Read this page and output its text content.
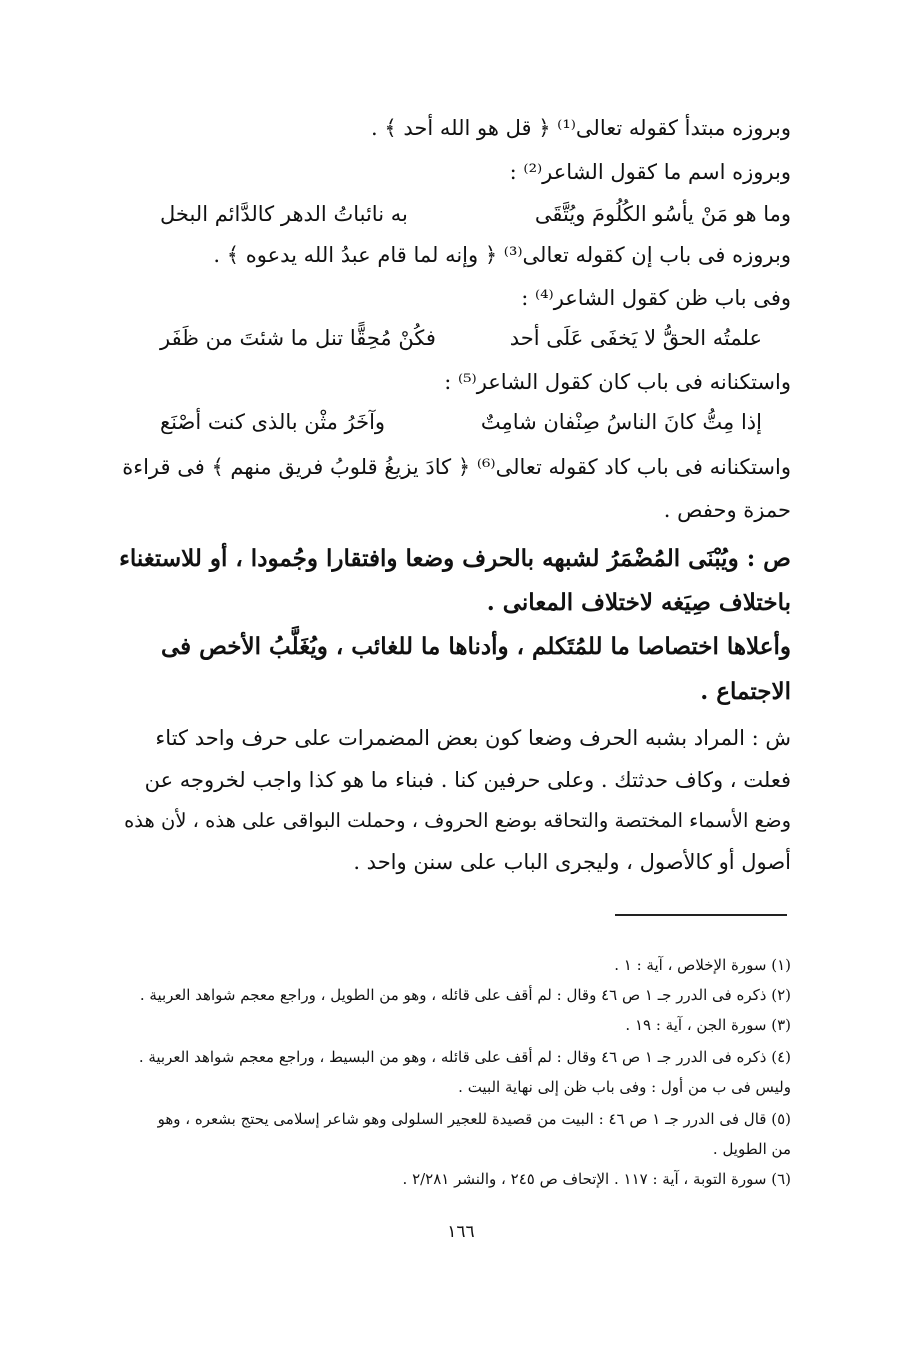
وبروزه مبتدأ كقوله تعالى⁽¹⁾ ﴿ قل هو الله أحد ﴾ .
وبروزه اسم ما كقول الشاعر⁽²⁾ :
وما هو مَنْ يأسُو الكُلُومَ ويُتَّقَى
به نائباتُ الدهر كالدَّائم البخل
وبروزه فى باب إن كقوله تعالى⁽³⁾ ﴿ وإنه لما قام عبدُ الله يدعوه ﴾ .
وفى باب ظن كقول الشاعر⁽⁴⁾ :
علمتُه الحقُّ لا يَخفَى عَلَى أحد
فكُنْ مُحِقًّا تنل ما شئتَ من ظَفَر
واستكنانه فى باب كان كقول الشاعر⁽⁵⁾ :
إذا مِتُّ كانَ الناسُ صِنْفان شامِتٌ
وآخَرُ مثْن بالذى كنت أصْنَع
واستكنانه فى باب كاد كقوله تعالى⁽⁶⁾ ﴿ كادَ يزيغُ قلوبُ فريق منهم ﴾ فى قراءة
حمزة وحفص .
ص : ويُبْنَى المُضْمَرُ لشبهه بالحرف وضعا وافتقارا وجُمودا ، أو للاستغناء
باختلاف صِيَغه لاختلاف المعانى .
وأعلاها اختصاصا ما للمُتَكلم ، وأدناها ما للغائب ، ويُغَلَّبُ الأخص فى
الاجتماع .
ش : المراد بشبه الحرف وضعا كون بعض المضمرات على حرف واحد كتاء
فعلت ، وكاف حدثتك . وعلى حرفين كنا . فبناء ما هو كذا واجب لخروجه عن
وضع الأسماء المختصة والتحاقه بوضع الحروف ، وحملت البواقى على هذه ، لأن هذه
أصول أو كالأصول ، وليجرى الباب على سنن واحد .
(١) سورة الإخلاص ، آية : ١ .
(٢) ذكره فى الدرر جـ ١ ص ٤٦ وقال : لم أقف على قائله ، وهو من الطويل ، وراجع معجم شواهد العربية .
(٣) سورة الجن ، آية : ١٩ .
(٤) ذكره فى الدرر جـ ١ ص ٤٦ وقال : لم أقف على قائله ، وهو من البسيط ، وراجع معجم شواهد العربية .
وليس فى ب من أول : وفى باب ظن إلى نهاية البيت .
(٥) قال فى الدرر جـ ١ ص ٤٦ : البيت من قصيدة للعجير السلولى وهو شاعر إسلامى يحتج بشعره ، وهو
من الطويل .
(٦) سورة التوبة ، آية : ١١٧ . الإتحاف ص ٢٤٥ ، والنشر ٢/٢٨١ .
١٦٦
